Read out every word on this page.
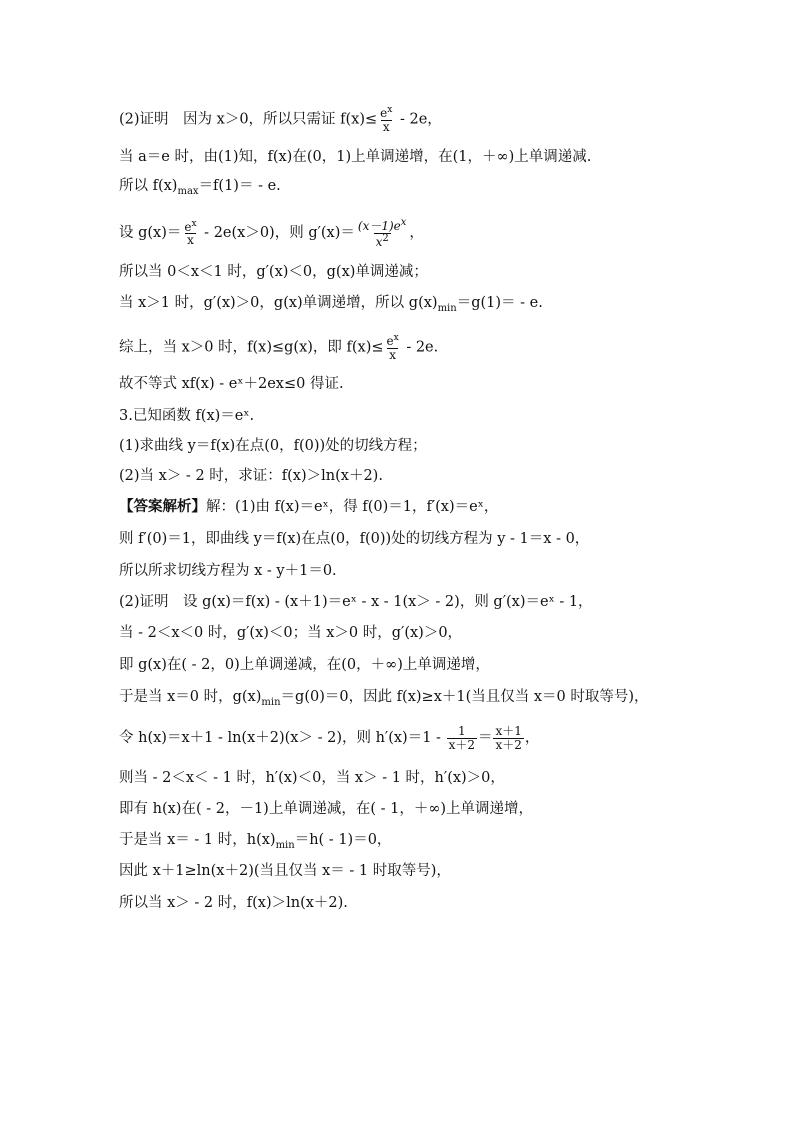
(2)证明　因为 x＞0，所以只需证 $f(x)\le \frac{e^x}{x} - 2e$，
当 a＝e 时，由(1)知，f(x)在(0，1)上单调递增，在(1，＋∞)上单调递减.
所以 $f(x)_{max}=f(1)= - e$.
设 $g(x)= \frac{e^x}{x} - 2e(x>0)$，则 $g'(x)= \frac{(x-1)e^x}{x^2}$ ，
所以当 0＜x＜1 时，g′(x)＜0，g(x)单调递减；
当 x＞1 时，g′(x)＞0，g(x)单调递增，所以 $g(x)_{min}=g(1)= - e$.
综上，当 x＞0 时，f(x)≤g(x)，即 $f(x)\le \frac{e^x}{x} - 2e$.
故不等式 xf(x) - eˣ＋2ex≤0 得证.
3.已知函数 f(x)＝eˣ.
(1)求曲线 y＝f(x)在点(0，f(0))处的切线方程；
(2)当 x＞ - 2 时，求证：f(x)＞ln(x＋2).
【答案解析】解：(1)由 f(x)＝eˣ，得 f(0)＝1，f′(x)＝eˣ，
则 f′(0)＝1，即曲线 y＝f(x)在点(0，f(0))处的切线方程为 y - 1＝x - 0，
所以所求切线方程为 x - y＋1＝0.
(2)证明　设 g(x)＝f(x) - (x＋1)＝eˣ - x - 1(x＞ - 2)，则 g′(x)＝eˣ - 1，
当 - 2＜x＜0 时，g′(x)＜0；当 x＞0 时，g′(x)＞0，
即 g(x)在( - 2，0)上单调递减，在(0，＋∞)上单调递增，
于是当 x＝0 时，$g(x)_{min}=g(0)=0$，因此 f(x)≥x＋1(当且仅当 x＝0 时取等号)，
令 h(x)＝x＋1 - ln(x＋2)(x＞ - 2)，则 $h'(x)=1 - \frac{1}{x+2} = \frac{x+1}{x+2}$ ，
则当 - 2＜x＜ - 1 时，h′(x)＜0，当 x＞ - 1 时，h′(x)＞0，
即有 h(x)在( - 2，－1)上单调递减，在( - 1，＋∞)上单调递增，
于是当 x＝ - 1 时，$h(x)_{min}=h( - 1)=0$，
因此 x＋1≥ln(x＋2)(当且仅当 x＝ - 1 时取等号)，
所以当 x＞ - 2 时，f(x)＞ln(x＋2).
